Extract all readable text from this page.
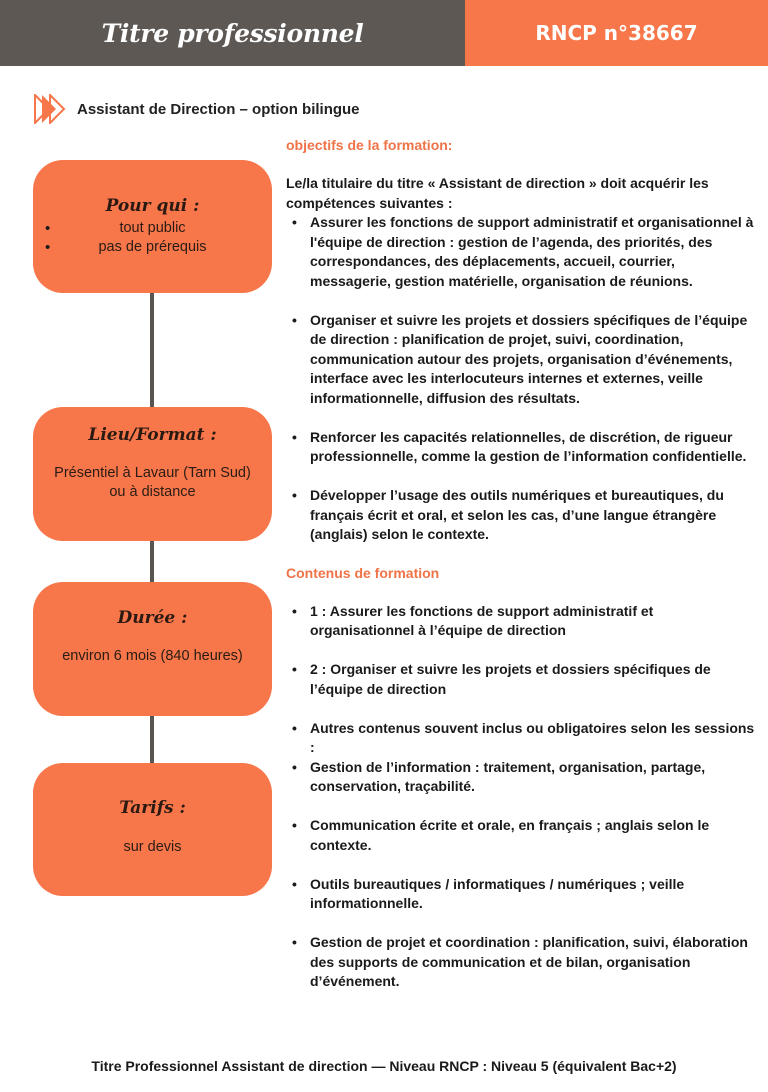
Titre professionnel	RNCP n°38667
Assistant de Direction – option bilingue
Pour qui :
• tout public
• pas de prérequis
Lieu/Format :
Présentiel à Lavaur (Tarn Sud)
ou à distance
Durée :
environ 6 mois (840 heures)
Tarifs :
sur devis
objectifs de la formation:
Le/la titulaire du titre « Assistant de direction » doit acquérir les compétences suivantes :
• Assurer les fonctions de support administratif et organisationnel à l'équipe de direction : gestion de l’agenda, des priorités, des correspondances, des déplacements, accueil, courrier, messagerie, gestion matérielle, organisation de réunions.
• Organiser et suivre les projets et dossiers spécifiques de l’équipe de direction : planification de projet, suivi, coordination, communication autour des projets, organisation d’événements, interface avec les interlocuteurs internes et externes, veille informationnelle, diffusion des résultats.
• Renforcer les capacités relationnelles, de discrétion, de rigueur professionnelle, comme la gestion de l’information confidentielle.
• Développer l’usage des outils numériques et bureautiques, du français écrit et oral, et selon les cas, d’une langue étrangère (anglais) selon le contexte.
Contenus de formation
• 1 : Assurer les fonctions de support administratif et organisationnel à l’équipe de direction
• 2 : Organiser et suivre les projets et dossiers spécifiques de l’équipe de direction
• Autres contenus souvent inclus ou obligatoires selon les sessions :
• Gestion de l’information : traitement, organisation, partage, conservation, traçabilité.
• Communication écrite et orale, en français ; anglais selon le contexte.
• Outils bureautiques / informatiques / numériques ; veille informationnelle.
• Gestion de projet et coordination : planification, suivi, élaboration des supports de communication et de bilan, organisation d’événement.
Titre Professionnel Assistant de direction — Niveau RNCP : Niveau 5 (équivalent Bac+2)
